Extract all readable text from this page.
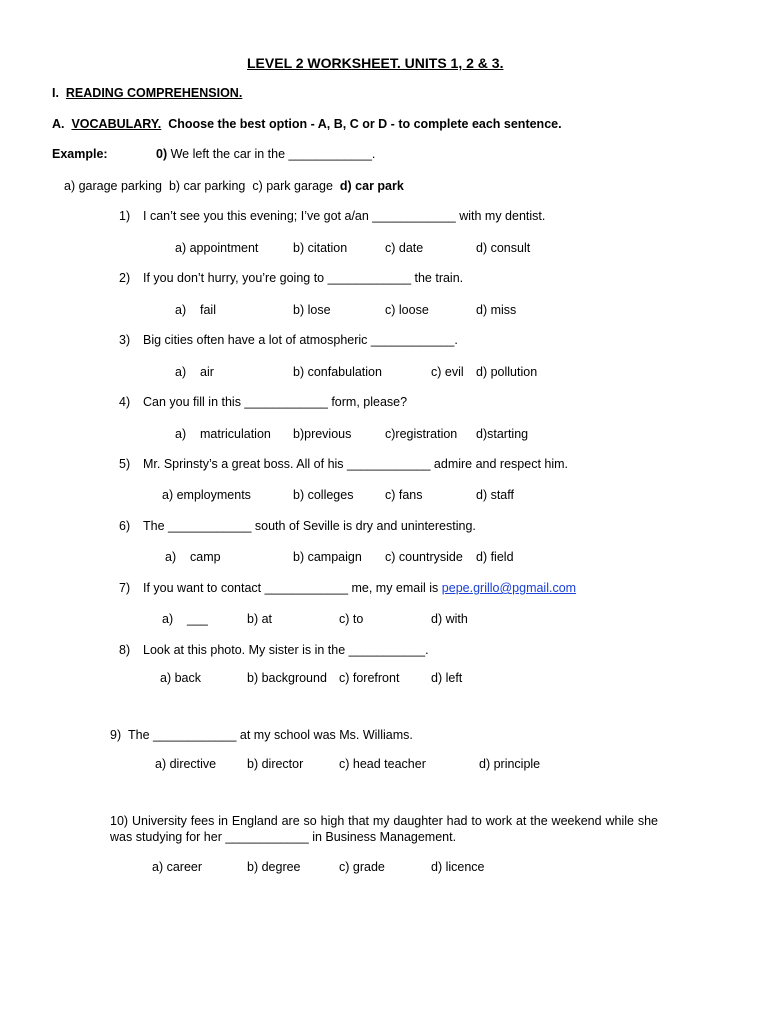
LEVEL 2 WORKSHEET. UNITS 1, 2 & 3.
I. READING COMPREHENSION.
A. VOCABULARY. Choose the best option - A, B, C or D - to complete each sentence.
Example:	0) We left the car in the ____________.
a) garage parking b) car parking c) park garage d) car park
1) I can’t see you this evening; I’ve got a/an ____________ with my dentist.
a) appointment	b) citation	c) date	d) consult
2) If you don’t hurry, you’re going to ____________ the train.
a)    fail	b) lose	c) loose	d) miss
3) Big cities often have a lot of atmospheric ____________.
a)    air	b) confabulation	c) evil d) pollution
4) Can you fill in this ____________ form, please?
a)    matriculation b)previous	c)registration d)starting
5) Mr. Sprinsty’s a great boss. All of his ____________ admire and respect him.
a) employments	b) colleges	c) fans	d) staff
6) The ____________ south of Seville is dry and uninteresting.
a)    camp	b) campaign c) countryside d) field
7) If you want to contact ____________ me, my email is pepe.grillo@pgmail.com
a)    ___	b) at	c) to	d) with
8) Look at this photo. My sister is in the ___________.
a) back	b) background c) forefront	d) left
9) The ____________ at my school was Ms. Williams.
a) directive b) director	c) head teacher	d) principle
10) University fees in England are so high that my daughter had to work at the weekend while she was studying for her ____________ in Business Management.
a) career	b) degree	c) grade	d) licence
